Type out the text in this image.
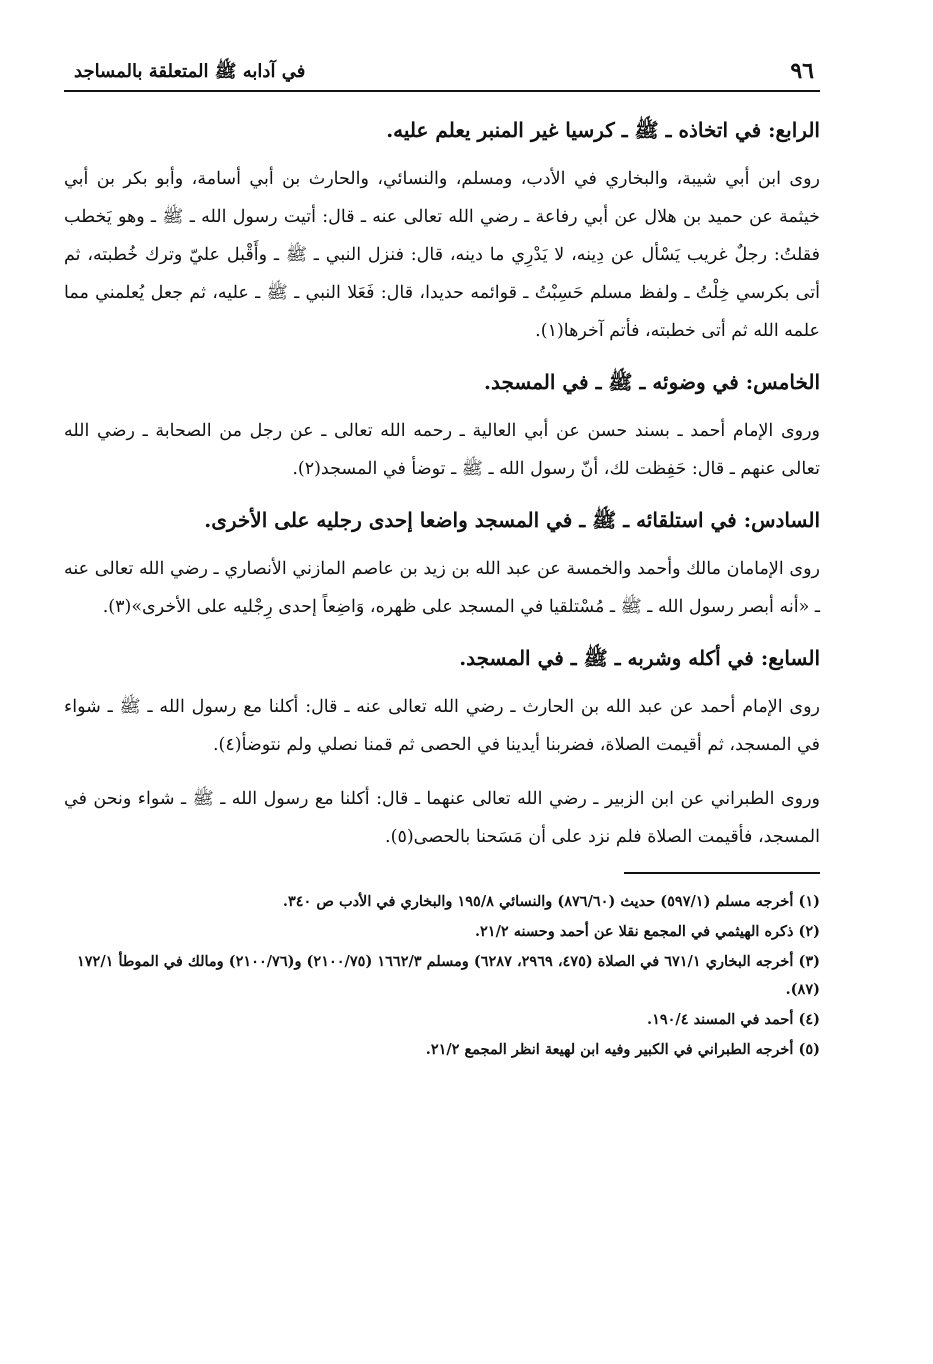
٩٦
في آدابه ﷺ المتعلقة بالمساجد

الرابع: في اتخاذه ـ ﷺ ـ كرسيا غير المنبر يعلم عليه.

روى ابن أبي شيبة، والبخاري في الأدب، ومسلم، والنسائي، والحارث بن أبي أسامة، وأبو بكر بن أبي خيثمة عن حميد بن هلال عن أبي رفاعة ـ رضي الله تعالى عنه ـ قال: أتيت رسول الله ـ ﷺ ـ وهو يَخطب فقلتُ: رجلٌ غريب يَسْأل عن دِينه، لا يَدْرِي ما دينه، قال: فنزل النبي ـ ﷺ ـ وأَقْبل عليّ وترك خُطبته، ثم أتى بكرسي خِلْتُ ـ ولفظ مسلم حَسِبْتُ ـ قوائمه حديدا، قال: فَعَلا النبي ـ ﷺ ـ عليه، ثم جعل يُعلمني مما علمه الله ثم أتى خطبته، فأتم آخرها(١).

الخامس: في وضوئه ـ ﷺ ـ في المسجد.

وروى الإمام أحمد ـ بسند حسن عن أبي العالية ـ رحمه الله تعالى ـ عن رجل من الصحابة ـ رضي الله تعالى عنهم ـ قال: حَفِظت لك، أنّ رسول الله ـ ﷺ ـ توضأ في المسجد(٢).

السادس: في استلقائه ـ ﷺ ـ في المسجد واضعا إحدى رجليه على الأخرى.

روى الإمامان مالك وأحمد والخمسة عن عبد الله بن زيد بن عاصم المازني الأنصاري ـ رضي الله تعالى عنه ـ «أنه أبصر رسول الله ـ ﷺ ـ مُسْتلقيا في المسجد على ظهره، وَاضِعاً إحدى رِجْليه على الأخرى»(٣).

السابع: في أكله وشربه ـ ﷺ ـ في المسجد.

روى الإمام أحمد عن عبد الله بن الحارث ـ رضي الله تعالى عنه ـ قال: أكلنا مع رسول الله ـ ﷺ ـ شواء في المسجد، ثم أقيمت الصلاة، فضربنا أيدينا في الحصى ثم قمنا نصلي ولم نتوضأ(٤).

وروى الطبراني عن ابن الزبير ـ رضي الله تعالى عنهما ـ قال: أكلنا مع رسول الله ـ ﷺ ـ شواء ونحن في المسجد، فأقيمت الصلاة فلم نزد على أن مَسَحنا بالحصى(٥).

(١) أخرجه مسلم (٥٩٧/١) حديث (٨٧٦/٦٠) والنسائي ١٩٥/٨ والبخاري في الأدب ص ٣٤٠.

(٢) ذكره الهيثمي في المجمع نقلا عن أحمد وحسنه ٢١/٢.

(٣) أخرجه البخاري ٦٧١/١ في الصلاة (٤٧٥، ٢٩٦٩، ٦٢٨٧) ومسلم ١٦٦٢/٣ (٢١٠٠/٧٥) و(٢١٠٠/٧٦) ومالك في الموطأ ١٧٢/١ (٨٧).

(٤) أحمد في المسند ١٩٠/٤.

(٥) أخرجه الطبراني في الكبير وفيه ابن لهيعة انظر المجمع ٢١/٢.
